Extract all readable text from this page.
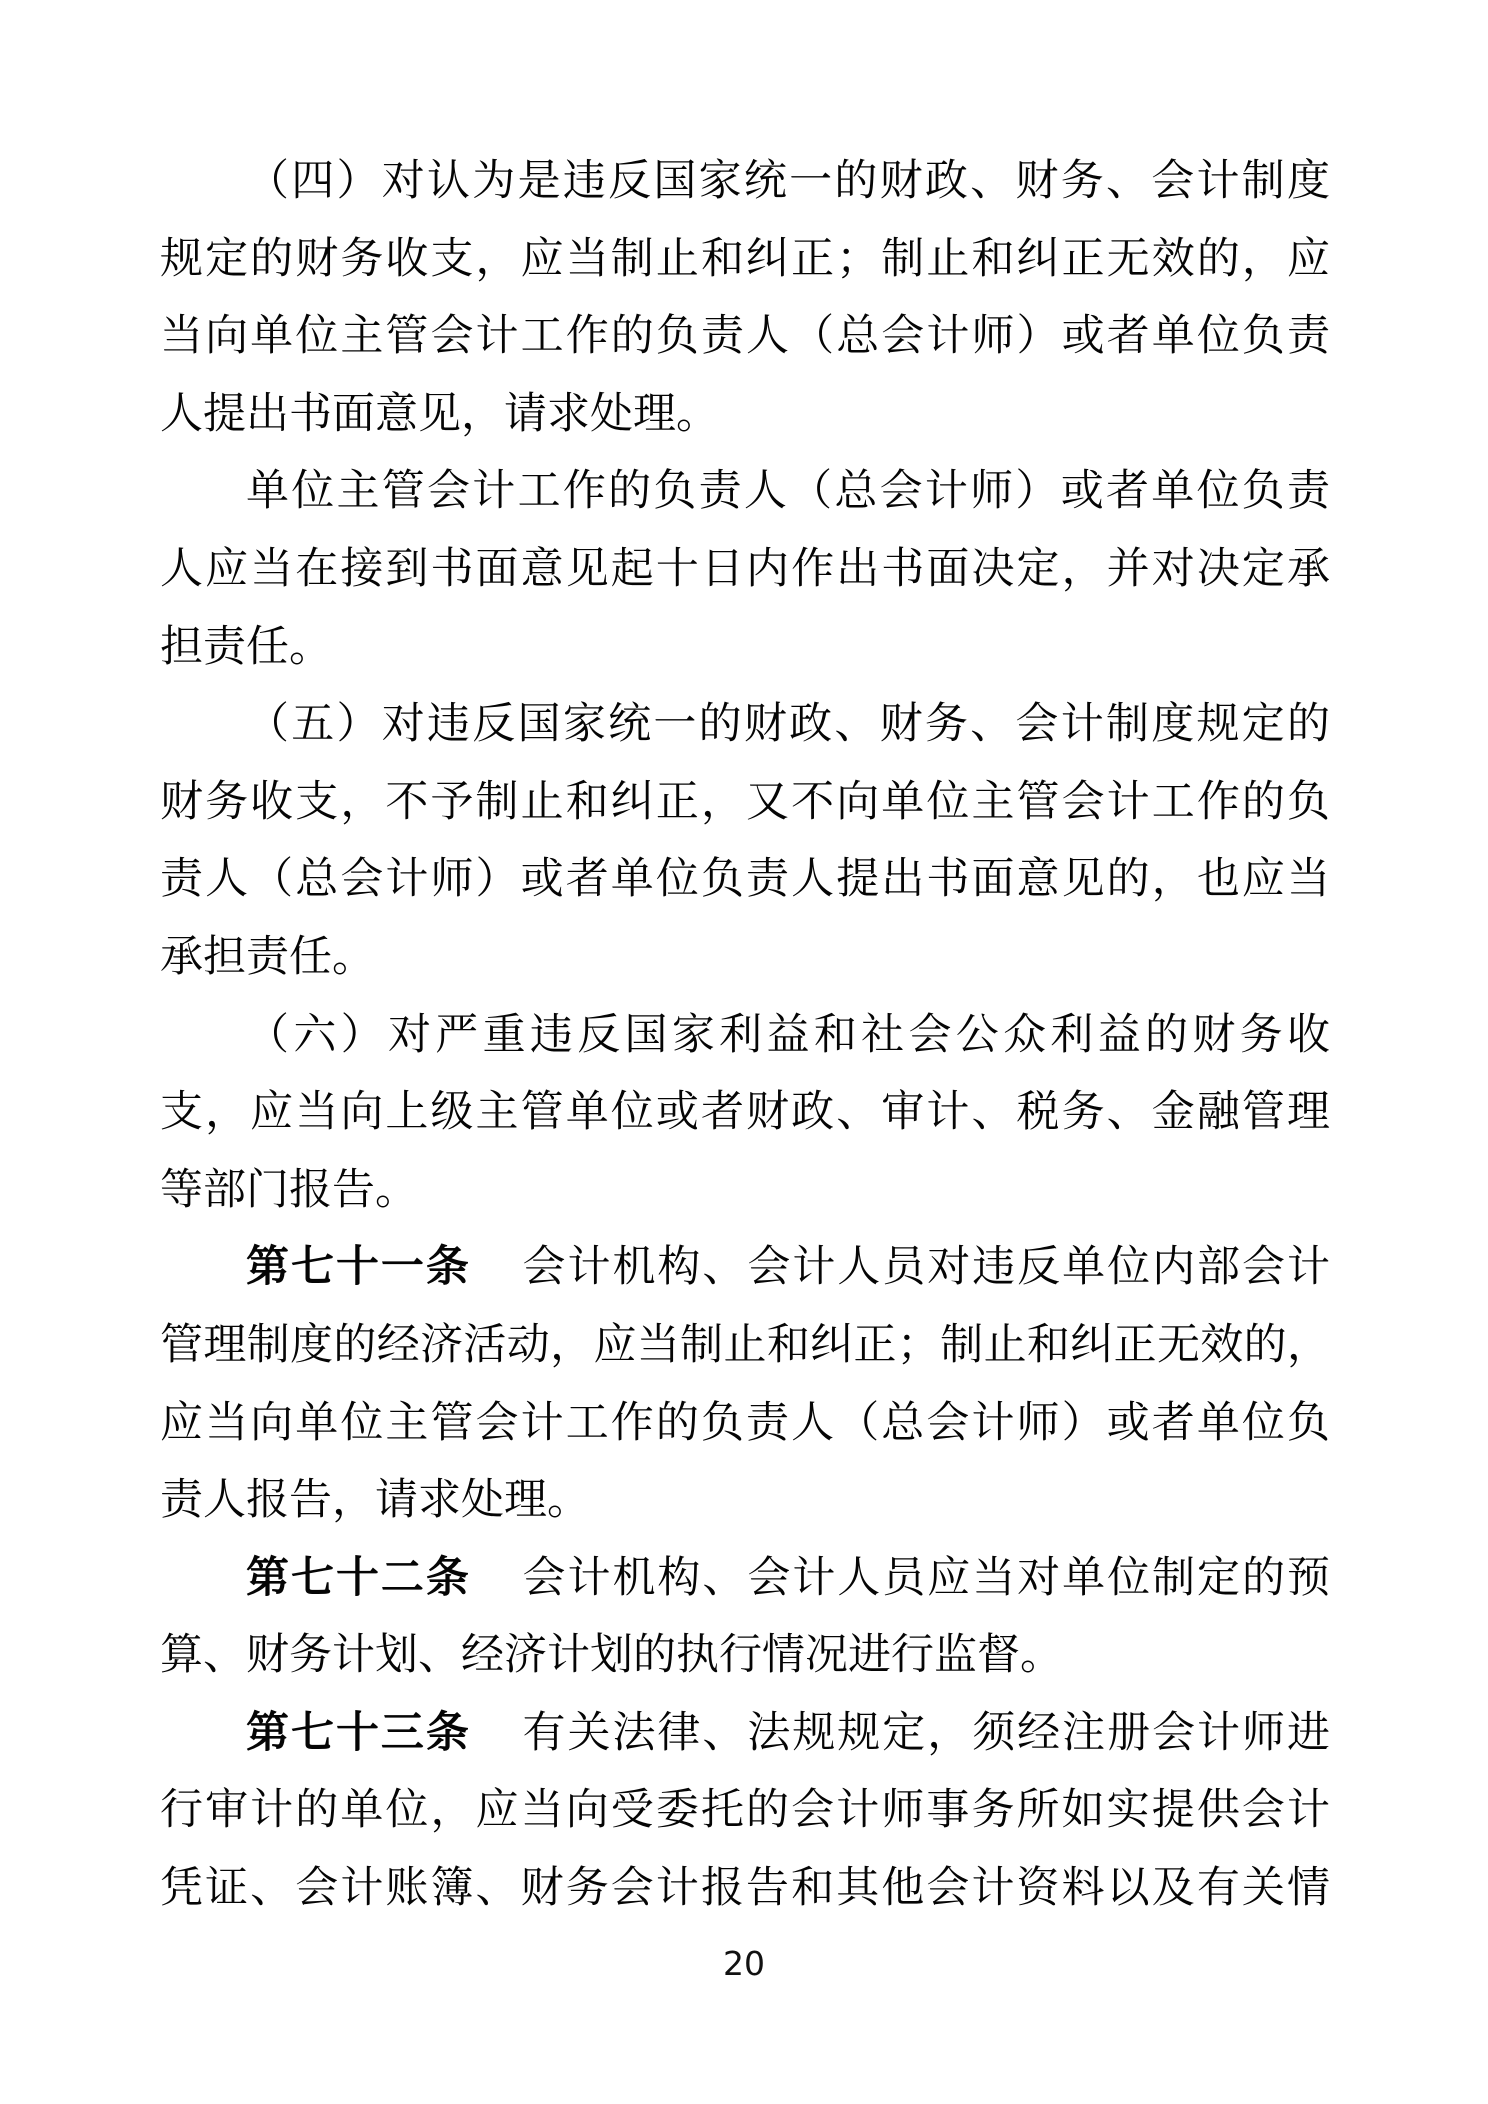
（四）对认为是违反国家统一的财政、财务、会计制度
规定的财务收支，应当制止和纠正；制止和纠正无效的，应
当向单位主管会计工作的负责人（总会计师）或者单位负责
人提出书面意见，请求处理。
单位主管会计工作的负责人（总会计师）或者单位负责
人应当在接到书面意见起十日内作出书面决定，并对决定承
担责任。
（五）对违反国家统一的财政、财务、会计制度规定的
财务收支，不予制止和纠正，又不向单位主管会计工作的负
责人（总会计师）或者单位负责人提出书面意见的，也应当
承担责任。
（六）对严重违反国家利益和社会公众利益的财务收
支，应当向上级主管单位或者财政、审计、税务、金融管理
等部门报告。
第七十一条 会计机构、会计人员对违反单位内部会计
管理制度的经济活动，应当制止和纠正；制止和纠正无效的，
应当向单位主管会计工作的负责人（总会计师）或者单位负
责人报告，请求处理。
第七十二条 会计机构、会计人员应当对单位制定的预
算、财务计划、经济计划的执行情况进行监督。
第七十三条 有关法律、法规规定，须经注册会计师进
行审计的单位，应当向受委托的会计师事务所如实提供会计
凭证、会计账簿、财务会计报告和其他会计资料以及有关情
20
